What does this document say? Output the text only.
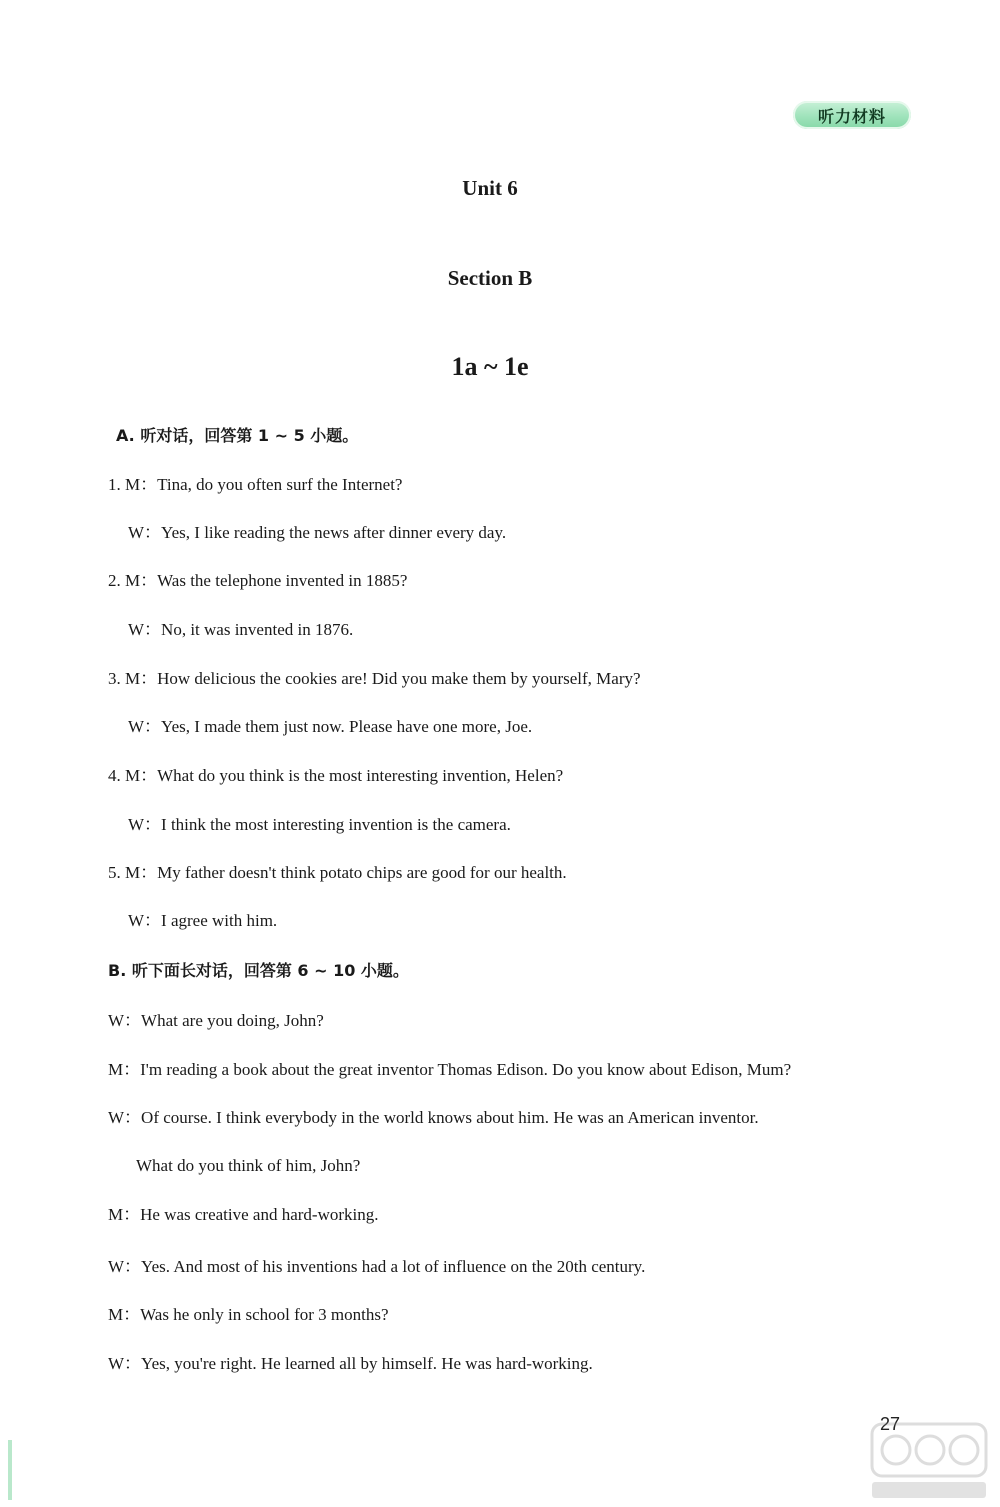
听力材料
Unit 6
Section B
1a ~ 1e
A. 听对话，回答第 1 ~ 5 小题。
1. M：Tina, do you often surf the Internet?
W：Yes, I like reading the news after dinner every day.
2. M：Was the telephone invented in 1885?
W：No, it was invented in 1876.
3. M：How delicious the cookies are! Did you make them by yourself, Mary?
W：Yes, I made them just now. Please have one more, Joe.
4. M：What do you think is the most interesting invention, Helen?
W：I think the most interesting invention is the camera.
5. M：My father doesn't think potato chips are good for our health.
W：I agree with him.
B. 听下面长对话，回答第 6 ~ 10 小题。
W：What are you doing, John?
M：I'm reading a book about the great inventor Thomas Edison. Do you know about Edison, Mum?
W：Of course. I think everybody in the world knows about him. He was an American inventor.
What do you think of him, John?
M：He was creative and hard-working.
W：Yes. And most of his inventions had a lot of influence on the 20th century.
M：Was he only in school for 3 months?
W：Yes, you're right. He learned all by himself. He was hard-working.
27
